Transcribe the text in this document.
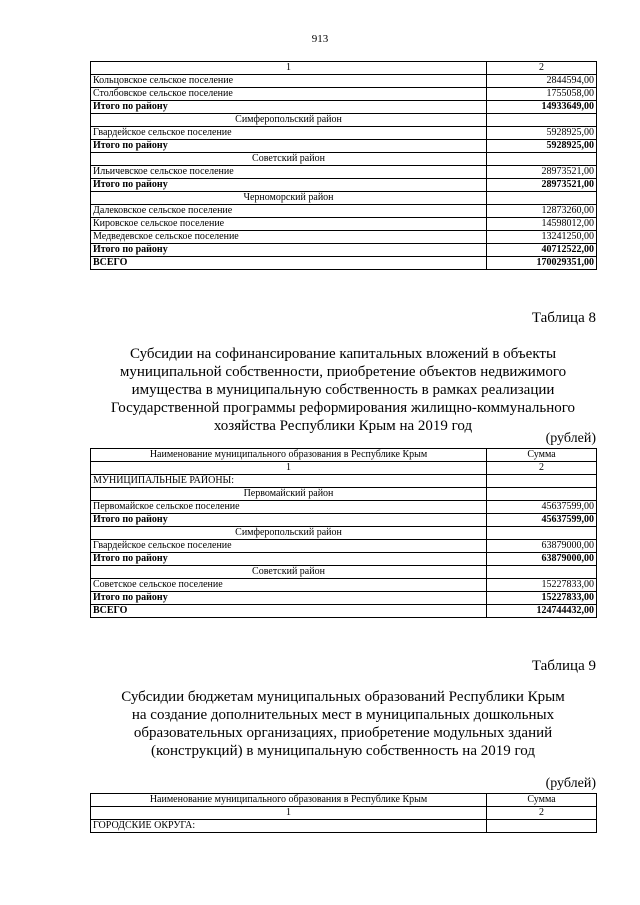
913
1	2
Кольцовское сельское поселение	2844594,00
Столбовское сельское поселение	1755058,00
Итого по району	14933649,00
Симферопольский район	
Гвардейское сельское поселение	5928925,00
Итого по району	5928925,00
Советский район	
Ильичевское сельское поселение	28973521,00
Итого по району	28973521,00
Черноморский район	
Далековское сельское поселение	12873260,00
Кировское сельское поселение	14598012,00
Медведевское сельское поселение	13241250,00
Итого по району	40712522,00
ВСЕГО	170029351,00
Таблица 8
Субсидии на софинансирование капитальных вложений в объекты
муниципальной собственности, приобретение объектов недвижимого
имущества в муниципальную собственность в рамках реализации
Государственной программы реформирования жилищно-коммунального
хозяйства Республики Крым на 2019 год
(рублей)
Наименование муниципального образования в Республике Крым	Сумма
1	2
МУНИЦИПАЛЬНЫЕ РАЙОНЫ:	
Первомайский район	
Первомайское сельское поселение	45637599,00
Итого по району	45637599,00
Симферопольский район	
Гвардейское сельское поселение	63879000,00
Итого по району	63879000,00
Советский район	
Советское сельское поселение	15227833,00
Итого по району	15227833,00
ВСЕГО	124744432,00
Таблица 9
Субсидии бюджетам муниципальных образований Республики Крым
на создание дополнительных мест в муниципальных дошкольных
образовательных организациях, приобретение модульных зданий
(конструкций) в муниципальную собственность на 2019 год
(рублей)
Наименование муниципального образования в Республике Крым	Сумма
1	2
ГОРОДСКИЕ ОКРУГА:	
